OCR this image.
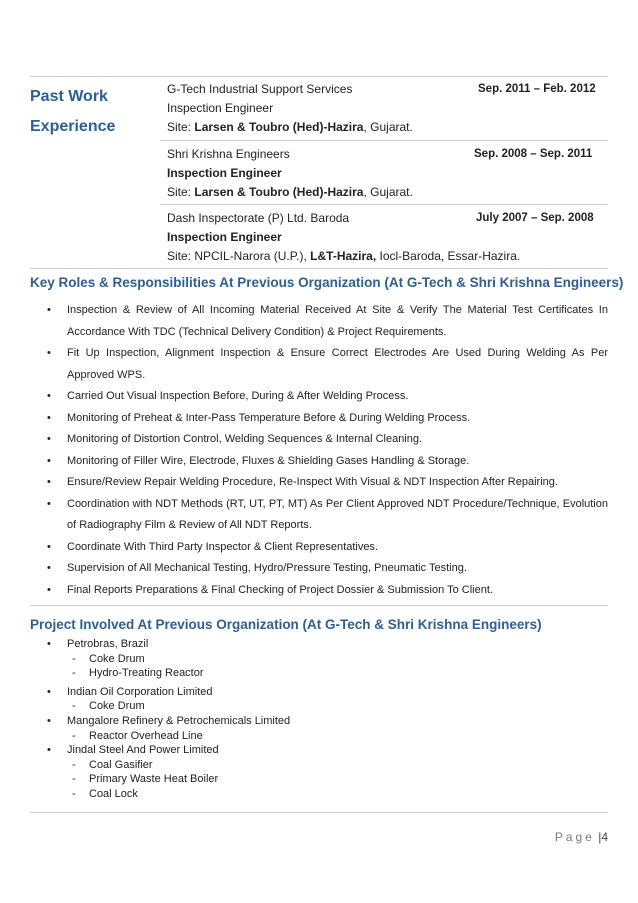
Past Work
Experience
G-Tech Industrial Support Services	Sep. 2011 – Feb. 2012
Inspection Engineer
Site: Larsen & Toubro (Hed)-Hazira, Gujarat.
Shri Krishna Engineers	Sep. 2008 – Sep. 2011
Inspection Engineer
Site: Larsen & Toubro (Hed)-Hazira, Gujarat.
Dash Inspectorate (P) Ltd. Baroda	July 2007 – Sep. 2008
Inspection Engineer
Site: NPCIL-Narora (U.P.), L&T-Hazira, Iocl-Baroda, Essar-Hazira.
Key Roles & Responsibilities At Previous Organization (At G-Tech & Shri Krishna Engineers)
• Inspection & Review of All Incoming Material Received At Site & Verify The Material Test Certificates In Accordance With TDC (Technical Delivery Condition) & Project Requirements.
• Fit Up Inspection, Alignment Inspection & Ensure Correct Electrodes Are Used During Welding As Per Approved WPS.
• Carried Out Visual Inspection Before, During & After Welding Process.
• Monitoring of Preheat & Inter-Pass Temperature Before & During Welding Process.
• Monitoring of Distortion Control, Welding Sequences & Internal Cleaning.
• Monitoring of Filler Wire, Electrode, Fluxes & Shielding Gases Handling & Storage.
• Ensure/Review Repair Welding Procedure, Re-Inspect With Visual & NDT Inspection After Repairing.
• Coordination with NDT Methods (RT, UT, PT, MT) As Per Client Approved NDT Procedure/Technique, Evolution of Radiography Film & Review of All NDT Reports.
• Coordinate With Third Party Inspector & Client Representatives.
• Supervision of All Mechanical Testing, Hydro/Pressure Testing, Pneumatic Testing.
• Final Reports Preparations & Final Checking of Project Dossier & Submission To Client.
Project Involved At Previous Organization (At G-Tech & Shri Krishna Engineers)
• Petrobras, Brazil
- Coke Drum
- Hydro-Treating Reactor
• Indian Oil Corporation Limited
- Coke Drum
• Mangalore Refinery & Petrochemicals Limited
- Reactor Overhead Line
• Jindal Steel And Power Limited
- Coal Gasifier
- Primary Waste Heat Boiler
- Coal Lock
Page |4
